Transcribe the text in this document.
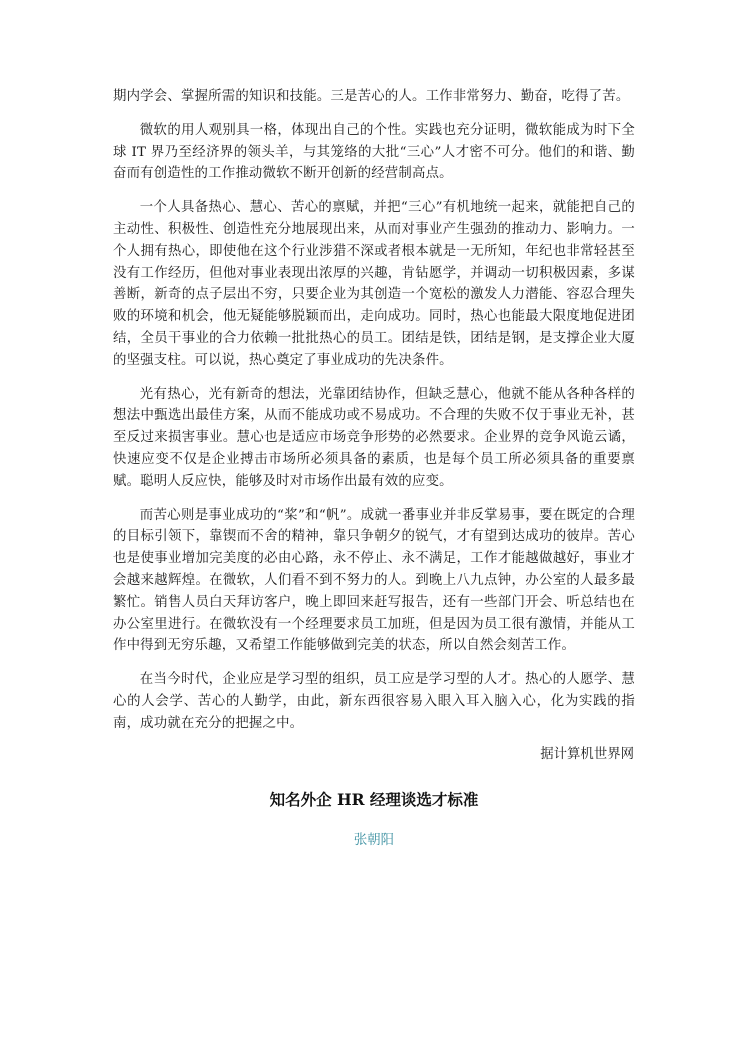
期内学会、掌握所需的知识和技能。三是苦心的人。工作非常努力、勤奋，吃得了苦。

微软的用人观别具一格，体现出自己的个性。实践也充分证明，微软能成为时下全球 IT 界乃至经济界的领头羊，与其笼络的大批“三心”人才密不可分。他们的和谐、勤奋而有创造性的工作推动微软不断开创新的经营制高点。

一个人具备热心、慧心、苦心的禀赋，并把“三心”有机地统一起来，就能把自己的主动性、积极性、创造性充分地展现出来，从而对事业产生强劲的推动力、影响力。一个人拥有热心，即使他在这个行业涉猎不深或者根本就是一无所知，年纪也非常轻甚至没有工作经历，但他对事业表现出浓厚的兴趣，肯钻愿学，并调动一切积极因素，多谋善断，新奇的点子层出不穷，只要企业为其创造一个宽松的激发人力潜能、容忍合理失败的环境和机会，他无疑能够脱颖而出，走向成功。同时，热心也能最大限度地促进团结，全员干事业的合力依赖一批批热心的员工。团结是铁，团结是钢，是支撑企业大厦的坚强支柱。可以说，热心奠定了事业成功的先决条件。

光有热心，光有新奇的想法，光靠团结协作，但缺乏慧心，他就不能从各种各样的想法中甄选出最佳方案，从而不能成功或不易成功。不合理的失败不仅于事业无补，甚至反过来损害事业。慧心也是适应市场竞争形势的必然要求。企业界的竞争风诡云谲，快速应变不仅是企业搏击市场所必须具备的素质，也是每个员工所必须具备的重要禀赋。聪明人反应快，能够及时对市场作出最有效的应变。

而苦心则是事业成功的“桨”和“帆”。成就一番事业并非反掌易事，要在既定的合理的目标引领下，靠锲而不舍的精神，靠只争朝夕的锐气，才有望到达成功的彼岸。苦心也是使事业增加完美度的必由心路，永不停止、永不满足，工作才能越做越好，事业才会越来越辉煌。在微软，人们看不到不努力的人。到晚上八九点钟，办公室的人最多最繁忙。销售人员白天拜访客户，晚上即回来赶写报告，还有一些部门开会、听总结也在办公室里进行。在微软没有一个经理要求员工加班，但是因为员工很有激情，并能从工作中得到无穷乐趣，又希望工作能够做到完美的状态，所以自然会刻苦工作。

在当今时代，企业应是学习型的组织，员工应是学习型的人才。热心的人愿学、慧心的人会学、苦心的人勤学，由此，新东西很容易入眼入耳入脑入心，化为实践的指南，成功就在充分的把握之中。

据计算机世界网

知名外企 HR 经理谈选才标准

张朝阳
